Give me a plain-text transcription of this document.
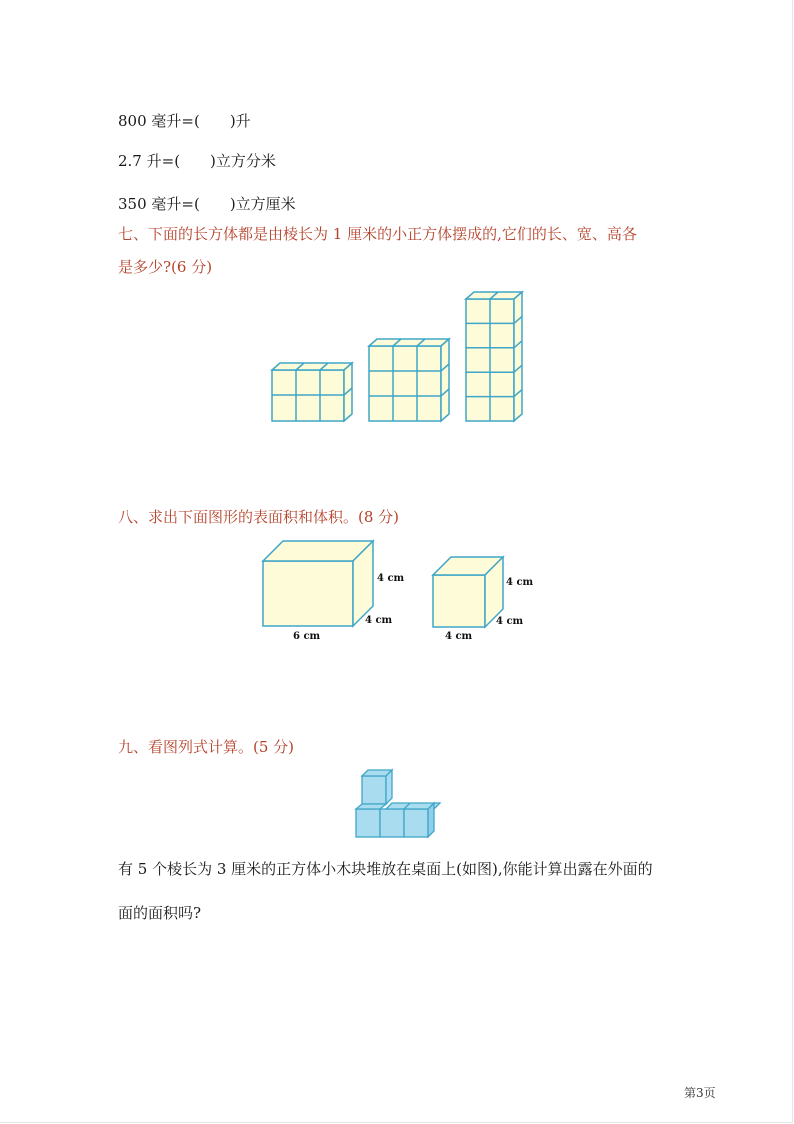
800 毫升=(　　)升
2.7 升=(　　)立方分米
350 毫升=(　　)立方厘米
七、下面的长方体都是由棱长为 1 厘米的小正方体摆成的,它们的长、宽、高各
是多少?(6 分)
八、求出下面图形的表面积和体积。(8 分)
4 cm
4 cm
6 cm
4 cm
4 cm
4 cm
九、看图列式计算。(5 分)
有 5 个棱长为 3 厘米的正方体小木块堆放在桌面上(如图),你能计算出露在外面的
面的面积吗?
第3页
